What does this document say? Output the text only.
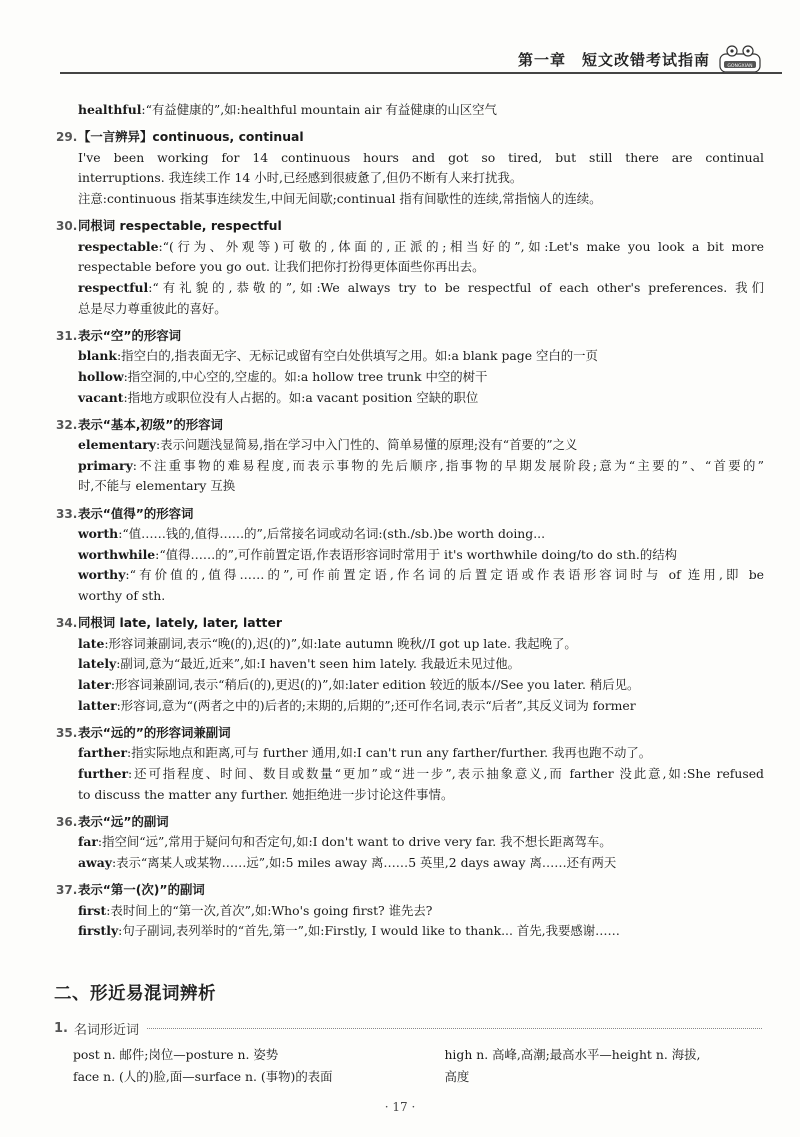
第一章　短文改错考试指南	GONGXIAN
healthful:“有益健康的”,如:healthful mountain air 有益健康的山区空气
29.【一言辨异】continuous, continual
I've been working for 14 continuous hours and got so tired, but still there are continual
interruptions. 我连续工作 14 小时,已经感到很疲惫了,但仍不断有人来打扰我。
注意:continuous 指某事连续发生,中间无间歇;continual 指有间歇性的连续,常指恼人的连续。
30.同根词 respectable, respectful
respectable:“(行为、外观等)可敬的,体面的,正派的;相当好的”,如:Let's make you look a bit more
respectable before you go out. 让我们把你打扮得更体面些你再出去。
respectful:“有礼貌的,恭敬的”,如:We always try to be respectful of each other's preferences. 我们
总是尽力尊重彼此的喜好。
31.表示“空”的形容词
blank:指空白的,指表面无字、无标记或留有空白处供填写之用。如:a blank page 空白的一页
hollow:指空洞的,中心空的,空虚的。如:a hollow tree trunk 中空的树干
vacant:指地方或职位没有人占据的。如:a vacant position 空缺的职位
32.表示“基本,初级”的形容词
elementary:表示问题浅显简易,指在学习中入门性的、简单易懂的原理;没有“首要的”之义
primary:不注重事物的难易程度,而表示事物的先后顺序,指事物的早期发展阶段;意为“主要的”、“首要的”
时,不能与 elementary 互换
33.表示“值得”的形容词
worth:“值……钱的,值得……的”,后常接名词或动名词:(sth./sb.)be worth doing...
worthwhile:“值得……的”,可作前置定语,作表语形容词时常用于 it's worthwhile doing/to do sth.的结构
worthy:“有价值的,值得……的”,可作前置定语,作名词的后置定语或作表语形容词时与 of 连用,即 be
worthy of sth.
34.同根词 late, lately, later, latter
late:形容词兼副词,表示“晚(的),迟(的)”,如:late autumn 晚秋//I got up late. 我起晚了。
lately:副词,意为“最近,近来”,如:I haven't seen him lately. 我最近未见过他。
later:形容词兼副词,表示“稍后(的),更迟(的)”,如:later edition 较近的版本//See you later. 稍后见。
latter:形容词,意为“(两者之中的)后者的;末期的,后期的”;还可作名词,表示“后者”,其反义词为 former
35.表示“远的”的形容词兼副词
farther:指实际地点和距离,可与 further 通用,如:I can't run any farther/further. 我再也跑不动了。
further:还可指程度、时间、数目或数量“更加”或“进一步”,表示抽象意义,而 farther 没此意,如:She refused
to discuss the matter any further. 她拒绝进一步讨论这件事情。
36.表示“远”的副词
far:指空间“远”,常用于疑问句和否定句,如:I don't want to drive very far. 我不想长距离驾车。
away:表示“离某人或某物……远”,如:5 miles away 离……5 英里,2 days away 离……还有两天
37.表示“第一(次)”的副词
first:表时间上的“第一次,首次”,如:Who's going first? 谁先去?
firstly:句子副词,表列举时的“首先,第一”,如:Firstly, I would like to thank... 首先,我要感谢……
二、形近易混词辨析
1. 名词形近词
post n. 邮件;岗位—posture n. 姿势
face n. (人的)脸,面—surface n. (事物)的表面
high n. 高峰,高潮;最高水平—height n. 海拔,
高度
· 17 ·
